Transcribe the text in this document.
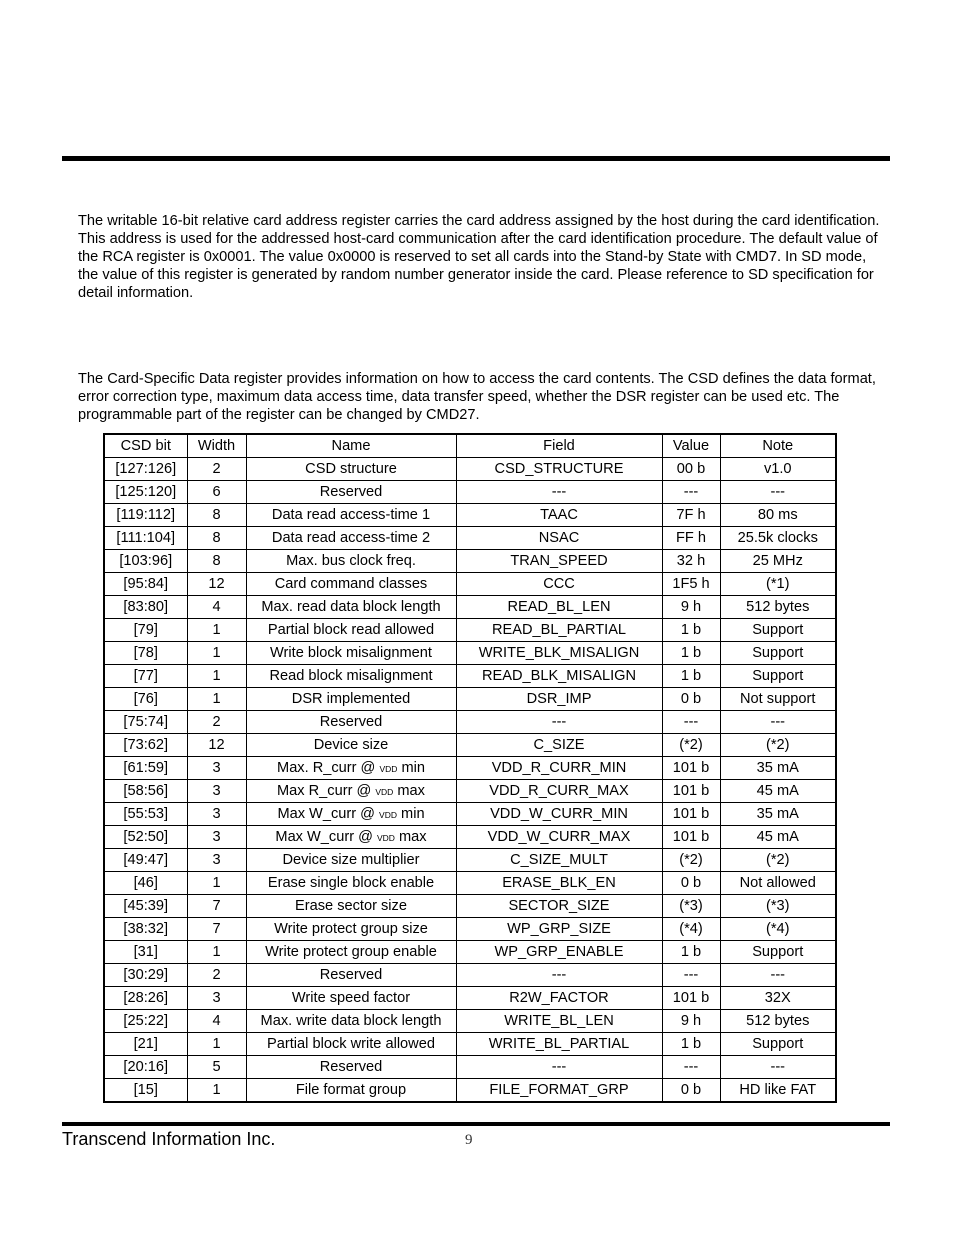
The writable 16-bit relative card address register carries the card address assigned by the host during the card identification. This address is used for the addressed host-card communication after the card identification procedure. The default value of the RCA register is 0x0001. The value 0x0000 is reserved to set all cards into the Stand-by State with CMD7. In SD mode, the value of this register is generated by random number generator inside the card. Please reference to SD specification for detail information.

The Card-Specific Data register provides information on how to access the card contents. The CSD defines the data format, error correction type, maximum data access time, data transfer speed, whether the DSR register can be used etc. The programmable part of the register can be changed by CMD27.

CSD bit	Width	Name	Field	Value	Note
[127:126]	2	CSD structure	CSD_STRUCTURE	00 b	v1.0
[125:120]	6	Reserved	---	---	---
[119:112]	8	Data read access-time 1	TAAC	7F h	80 ms
[111:104]	8	Data read access-time 2	NSAC	FF h	25.5k clocks
[103:96]	8	Max. bus clock freq.	TRAN_SPEED	32 h	25 MHz
[95:84]	12	Card command classes	CCC	1F5 h	(*1)
[83:80]	4	Max. read data block length	READ_BL_LEN	9 h	512 bytes
[79]	1	Partial block read allowed	READ_BL_PARTIAL	1 b	Support
[78]	1	Write block misalignment	WRITE_BLK_MISALIGN	1 b	Support
[77]	1	Read block misalignment	READ_BLK_MISALIGN	1 b	Support
[76]	1	DSR implemented	DSR_IMP	0 b	Not support
[75:74]	2	Reserved	---	---	---
[73:62]	12	Device size	C_SIZE	(*2)	(*2)
[61:59]	3	Max. R_curr @ VDD min	VDD_R_CURR_MIN	101 b	35 mA
[58:56]	3	Max R_curr @ VDD max	VDD_R_CURR_MAX	101 b	45 mA
[55:53]	3	Max W_curr @ VDD min	VDD_W_CURR_MIN	101 b	35 mA
[52:50]	3	Max W_curr @ VDD max	VDD_W_CURR_MAX	101 b	45 mA
[49:47]	3	Device size multiplier	C_SIZE_MULT	(*2)	(*2)
[46]	1	Erase single block enable	ERASE_BLK_EN	0 b	Not allowed
[45:39]	7	Erase sector size	SECTOR_SIZE	(*3)	(*3)
[38:32]	7	Write protect group size	WP_GRP_SIZE	(*4)	(*4)
[31]	1	Write protect group enable	WP_GRP_ENABLE	1 b	Support
[30:29]	2	Reserved	---	---	---
[28:26]	3	Write speed factor	R2W_FACTOR	101 b	32X
[25:22]	4	Max. write data block length	WRITE_BL_LEN	9 h	512 bytes
[21]	1	Partial block write allowed	WRITE_BL_PARTIAL	1 b	Support
[20:16]	5	Reserved	---	---	---
[15]	1	File format group	FILE_FORMAT_GRP	0 b	HD like FAT
Transcend Information Inc.	9
